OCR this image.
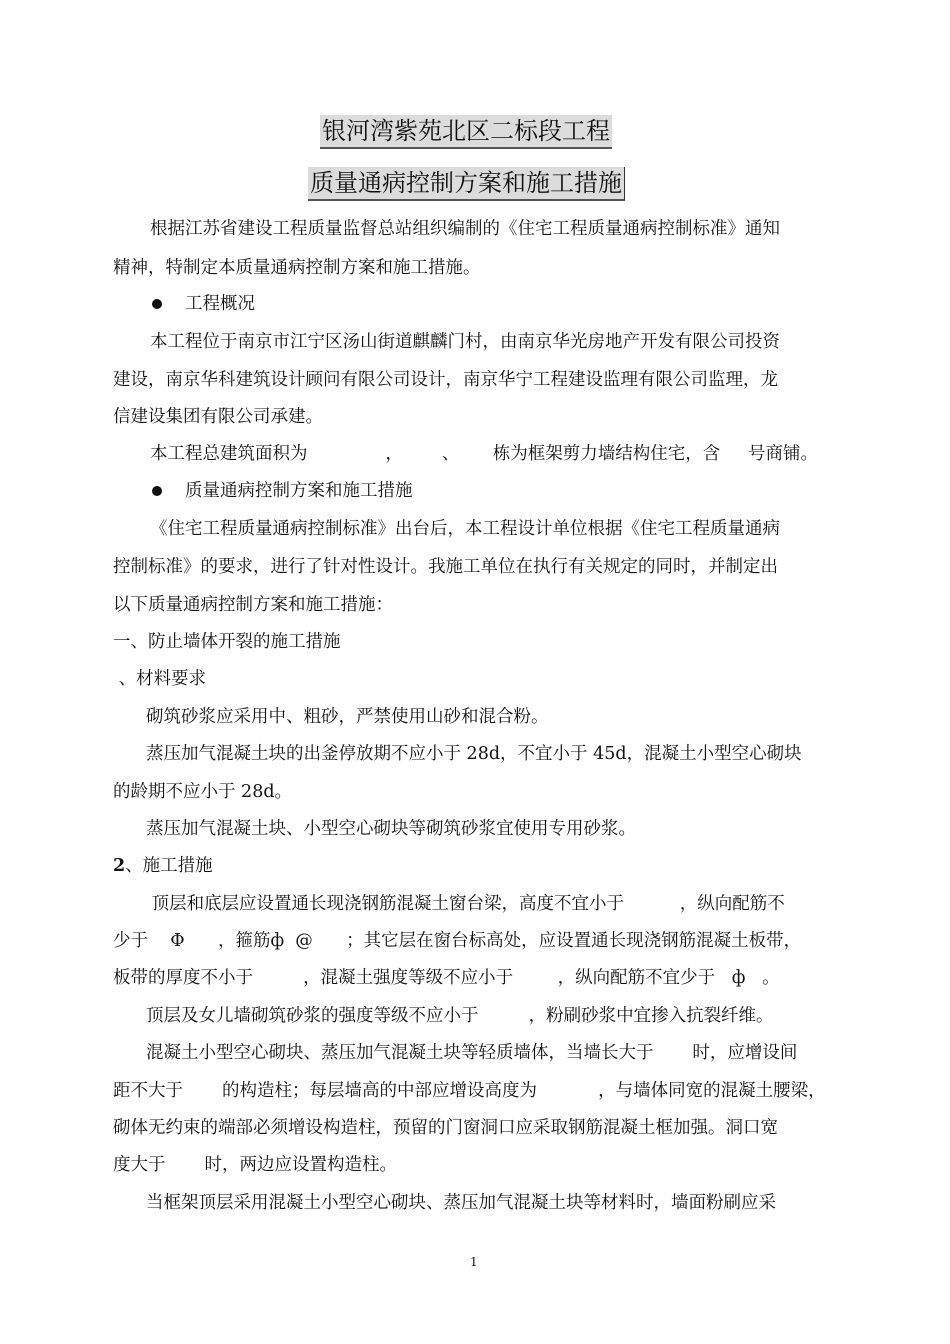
银河湾紫苑北区二标段工程
质量通病控制方案和施工措施

根据江苏省建设工程质量监督总站组织编制的《住宅工程质量通病控制标准》通知

精神，特制定本质量通病控制方案和施工措施。

工程概况

本工程位于南京市江宁区汤山街道麒麟门村，由南京华光房地产开发有限公司投资

建设，南京华科建筑设计顾问有限公司设计，南京华宁工程建设监理有限公司监理，龙

信建设集团有限公司承建。

本工程总建筑面积为              ，       、      栋为框架剪力墙结构住宅，含     号商铺。

质量通病控制方案和施工措施

《住宅工程质量通病控制标准》出台后，本工程设计单位根据《住宅工程质量通病

控制标准》的要求，进行了针对性设计。我施工单位在执行有关规定的同时，并制定出

以下质量通病控制方案和施工措施：

一、防止墙体开裂的施工措施

、材料要求

砌筑砂浆应采用中、粗砂，严禁使用山砂和混合粉。

蒸压加气混凝土块的出釜停放期不应小于 28d，不宜小于 45d，混凝土小型空心砌块

的龄期不应小于 28d。

蒸压加气混凝土块、小型空心砌块等砌筑砂浆宜使用专用砂浆。

2、施工措施

顶层和底层应设置通长现浇钢筋混凝土窗台梁，高度不宜小于          ，纵向配筋不

少于    Φ      ，箍筋ф  @      ；其它层在窗台标高处，应设置通长现浇钢筋混凝土板带，

板带的厚度不小于         ，混凝土强度等级不应小于        ，纵向配筋不宜少于   ф   。

顶层及女儿墙砌筑砂浆的强度等级不应小于         ，粉刷砂浆中宜掺入抗裂纤维。

混凝土小型空心砌块、蒸压加气混凝土块等轻质墙体，当墙长大于       时，应增设间

距不大于       的构造柱；每层墙高的中部应增设高度为           ，与墙体同宽的混凝土腰梁，

砌体无约束的端部必须增设构造柱，预留的门窗洞口应采取钢筋混凝土框加强。洞口宽

度大于       时，两边应设置构造柱。

当框架顶层采用混凝土小型空心砌块、蒸压加气混凝土块等材料时，墙面粉刷应采

1
